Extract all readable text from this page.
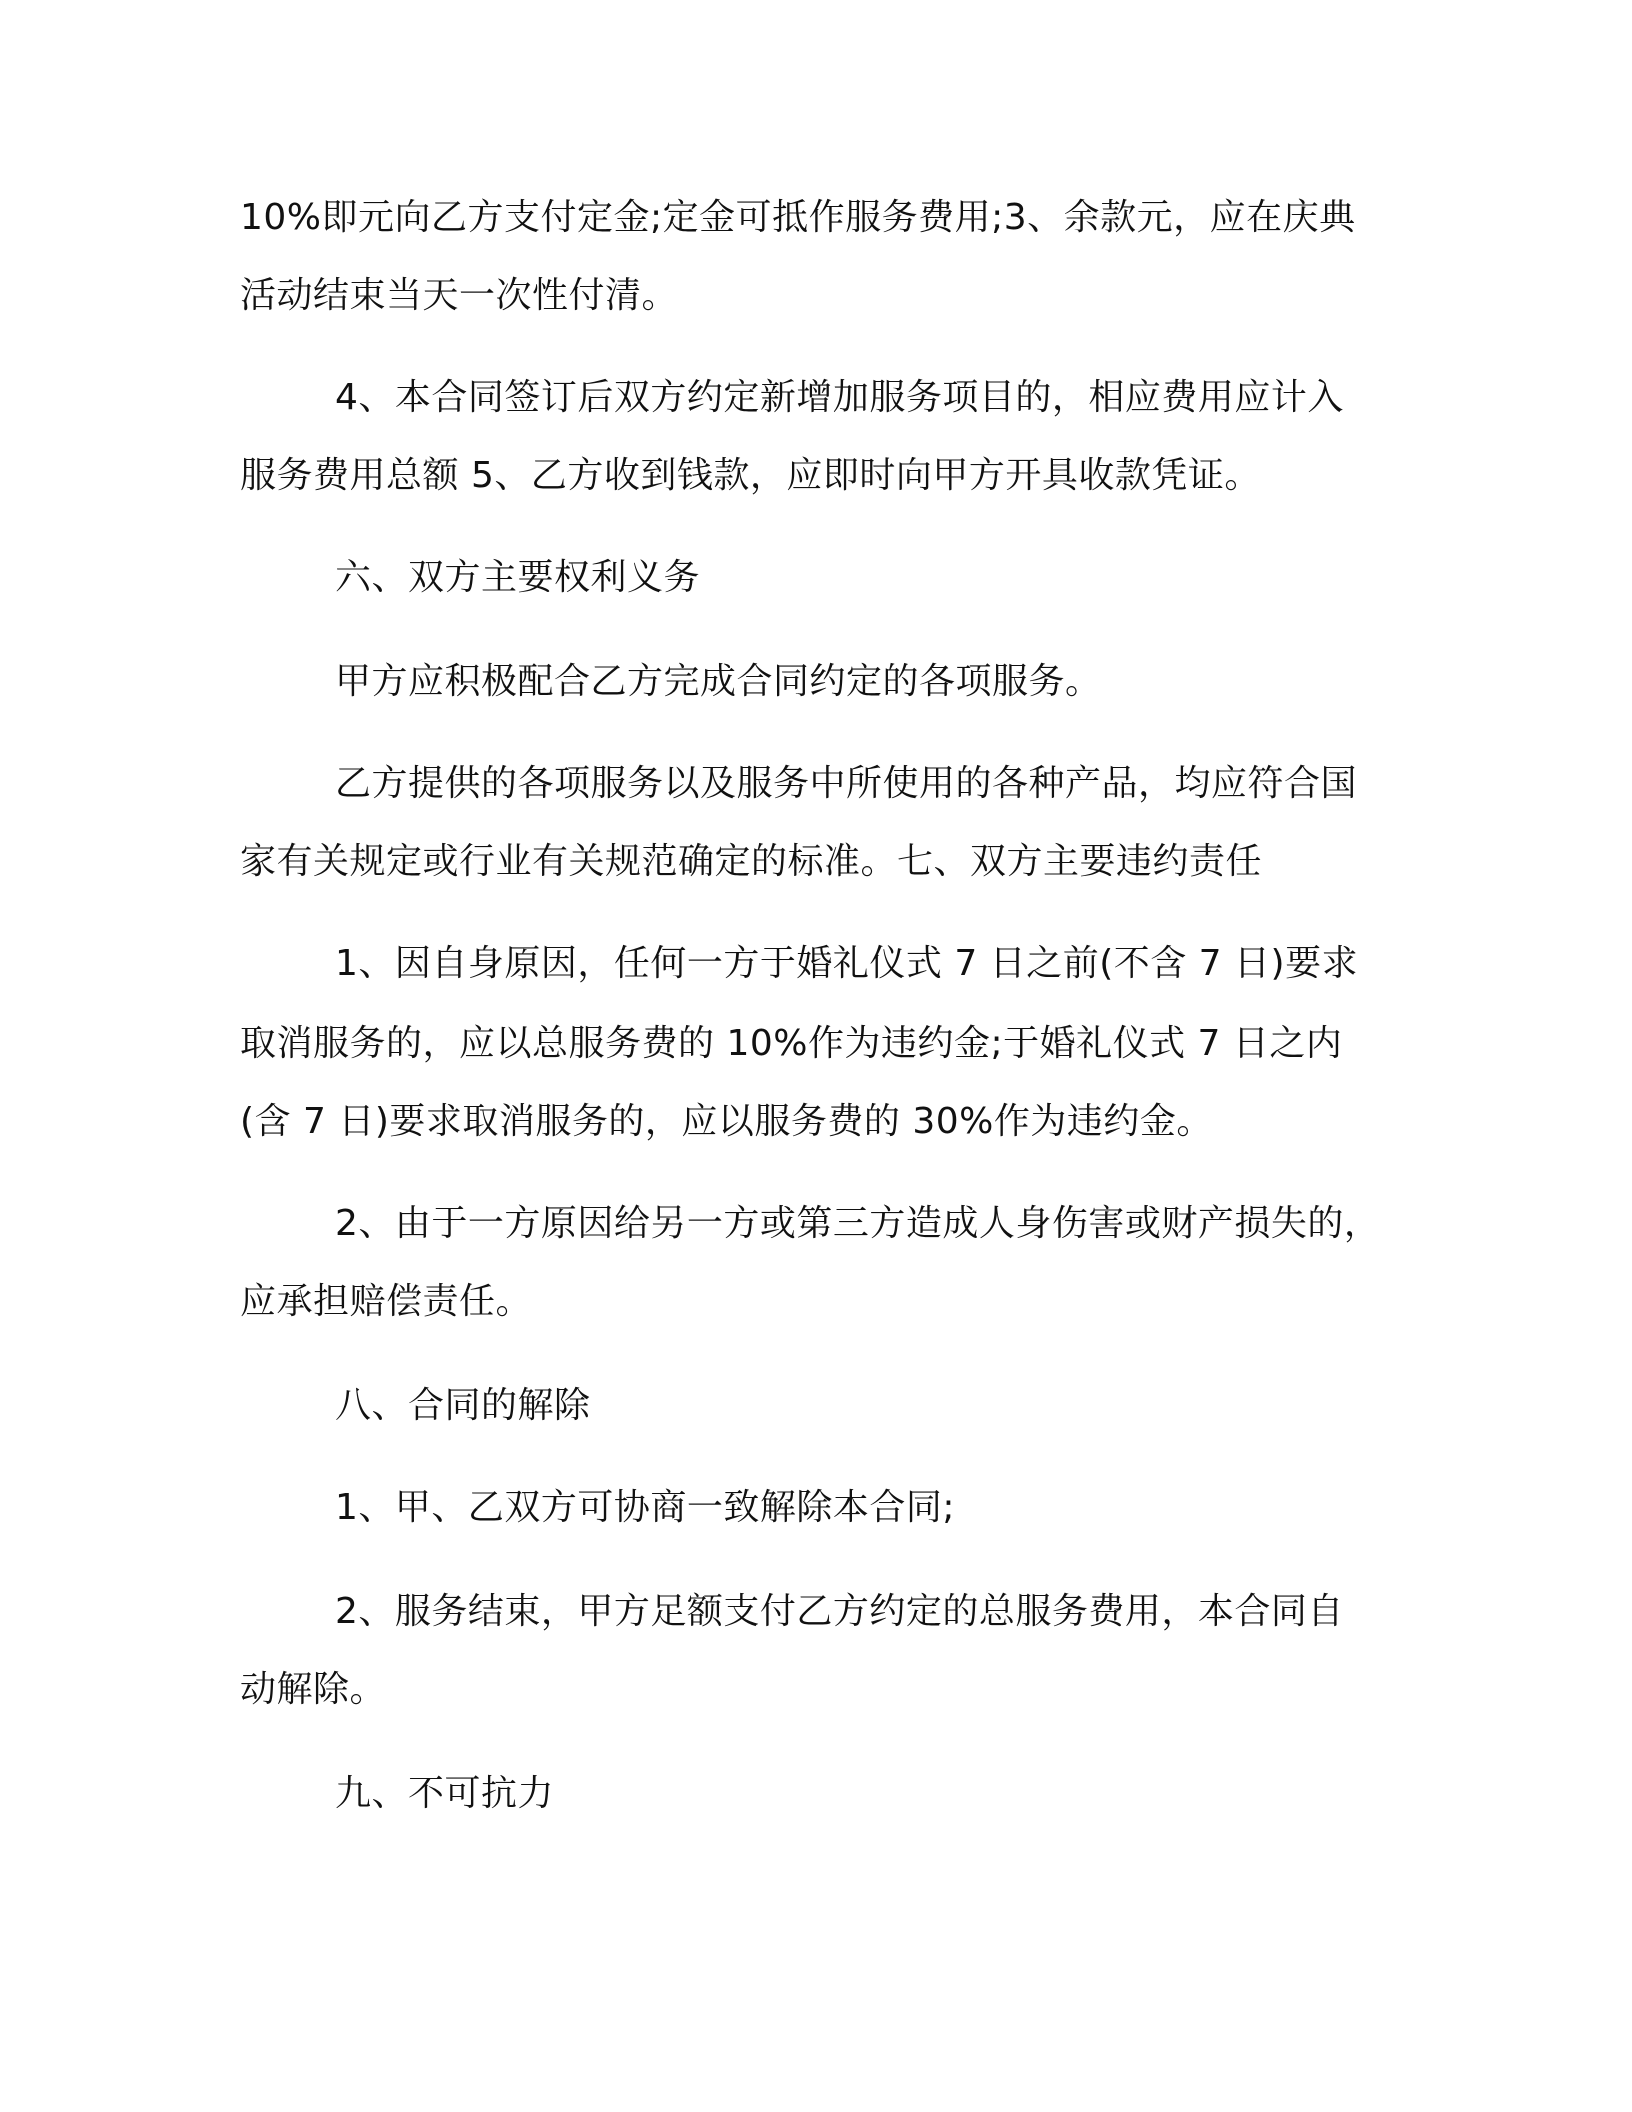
10%即元向乙方支付定金;定金可抵作服务费用;3、余款元，应在庆典
活动结束当天一次性付清。
4、本合同签订后双方约定新增加服务项目的，相应费用应计入
服务费用总额 5、乙方收到钱款，应即时向甲方开具收款凭证。
六、双方主要权利义务
甲方应积极配合乙方完成合同约定的各项服务。
乙方提供的各项服务以及服务中所使用的各种产品，均应符合国
家有关规定或行业有关规范确定的标准。七、双方主要违约责任
1、因自身原因，任何一方于婚礼仪式 7 日之前(不含 7 日)要求
取消服务的，应以总服务费的 10%作为违约金;于婚礼仪式 7 日之内
(含 7 日)要求取消服务的，应以服务费的 30%作为违约金。
2、由于一方原因给另一方或第三方造成人身伤害或财产损失的，
应承担赔偿责任。
八、合同的解除
1、甲、乙双方可协商一致解除本合同;
2、服务结束，甲方足额支付乙方约定的总服务费用，本合同自
动解除。
九、不可抗力
